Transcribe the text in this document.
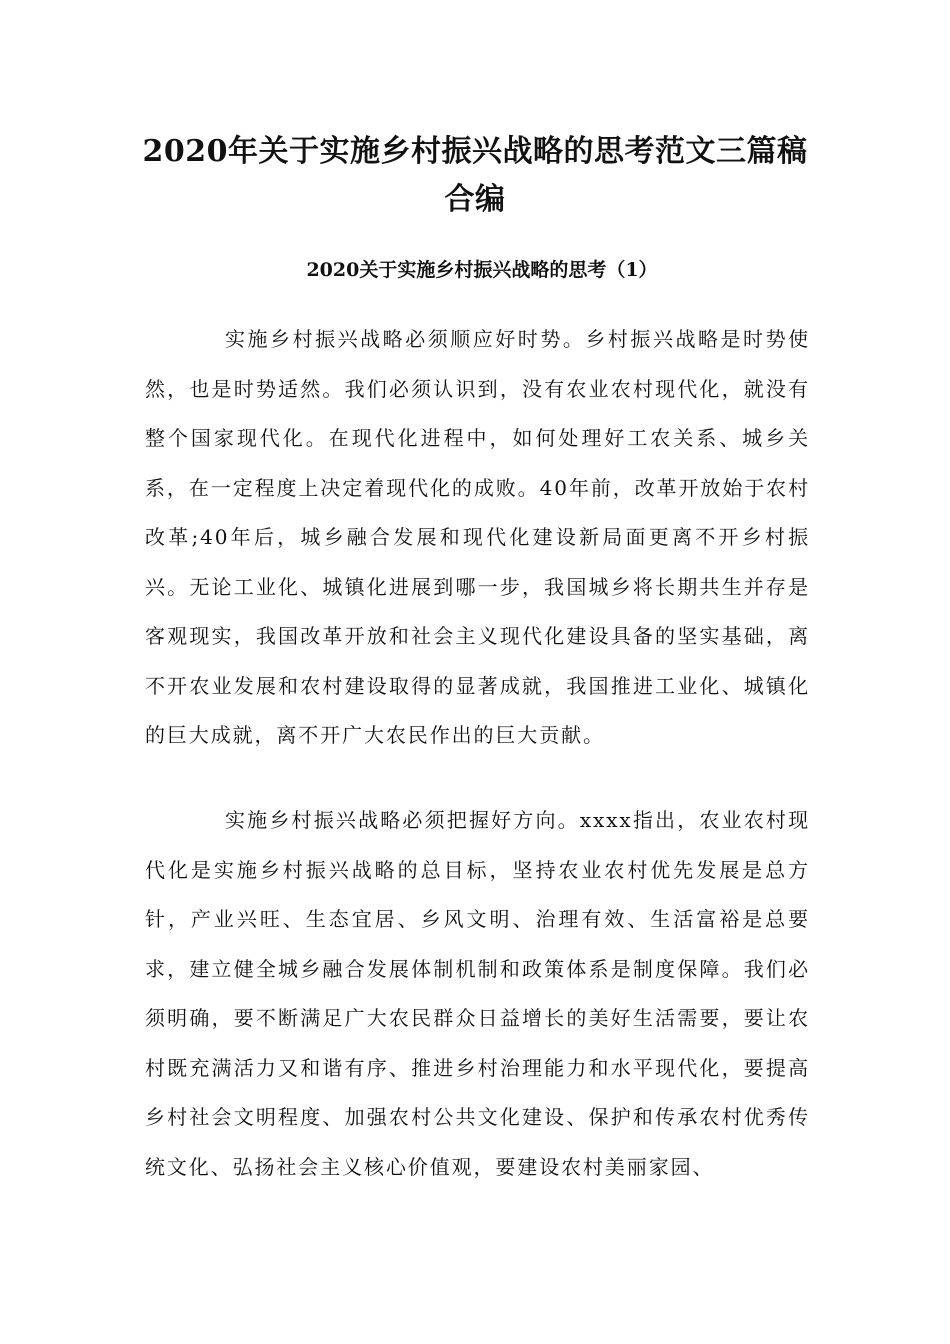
2020年关于实施乡村振兴战略的思考范文三篇稿合编
2020关于实施乡村振兴战略的思考（1）

实施乡村振兴战略必须顺应好时势。乡村振兴战略是时势使然，也是时势适然。我们必须认识到，没有农业农村现代化，就没有整个国家现代化。在现代化进程中，如何处理好工农关系、城乡关系，在一定程度上决定着现代化的成败。40年前，改革开放始于农村改革;40年后，城乡融合发展和现代化建设新局面更离不开乡村振兴。无论工业化、城镇化进展到哪一步，我国城乡将长期共生并存是客观现实，我国改革开放和社会主义现代化建设具备的坚实基础，离不开农业发展和农村建设取得的显著成就，我国推进工业化、城镇化的巨大成就，离不开广大农民作出的巨大贡献。

实施乡村振兴战略必须把握好方向。xxxx指出，农业农村现代化是实施乡村振兴战略的总目标，坚持农业农村优先发展是总方针，产业兴旺、生态宜居、乡风文明、治理有效、生活富裕是总要求，建立健全城乡融合发展体制机制和政策体系是制度保障。我们必须明确，要不断满足广大农民群众日益增长的美好生活需要，要让农村既充满活力又和谐有序、推进乡村治理能力和水平现代化，要提高乡村社会文明程度、加强农村公共文化建设、保护和传承农村优秀传统文化、弘扬社会主义核心价值观，要建设农村美丽家园、
